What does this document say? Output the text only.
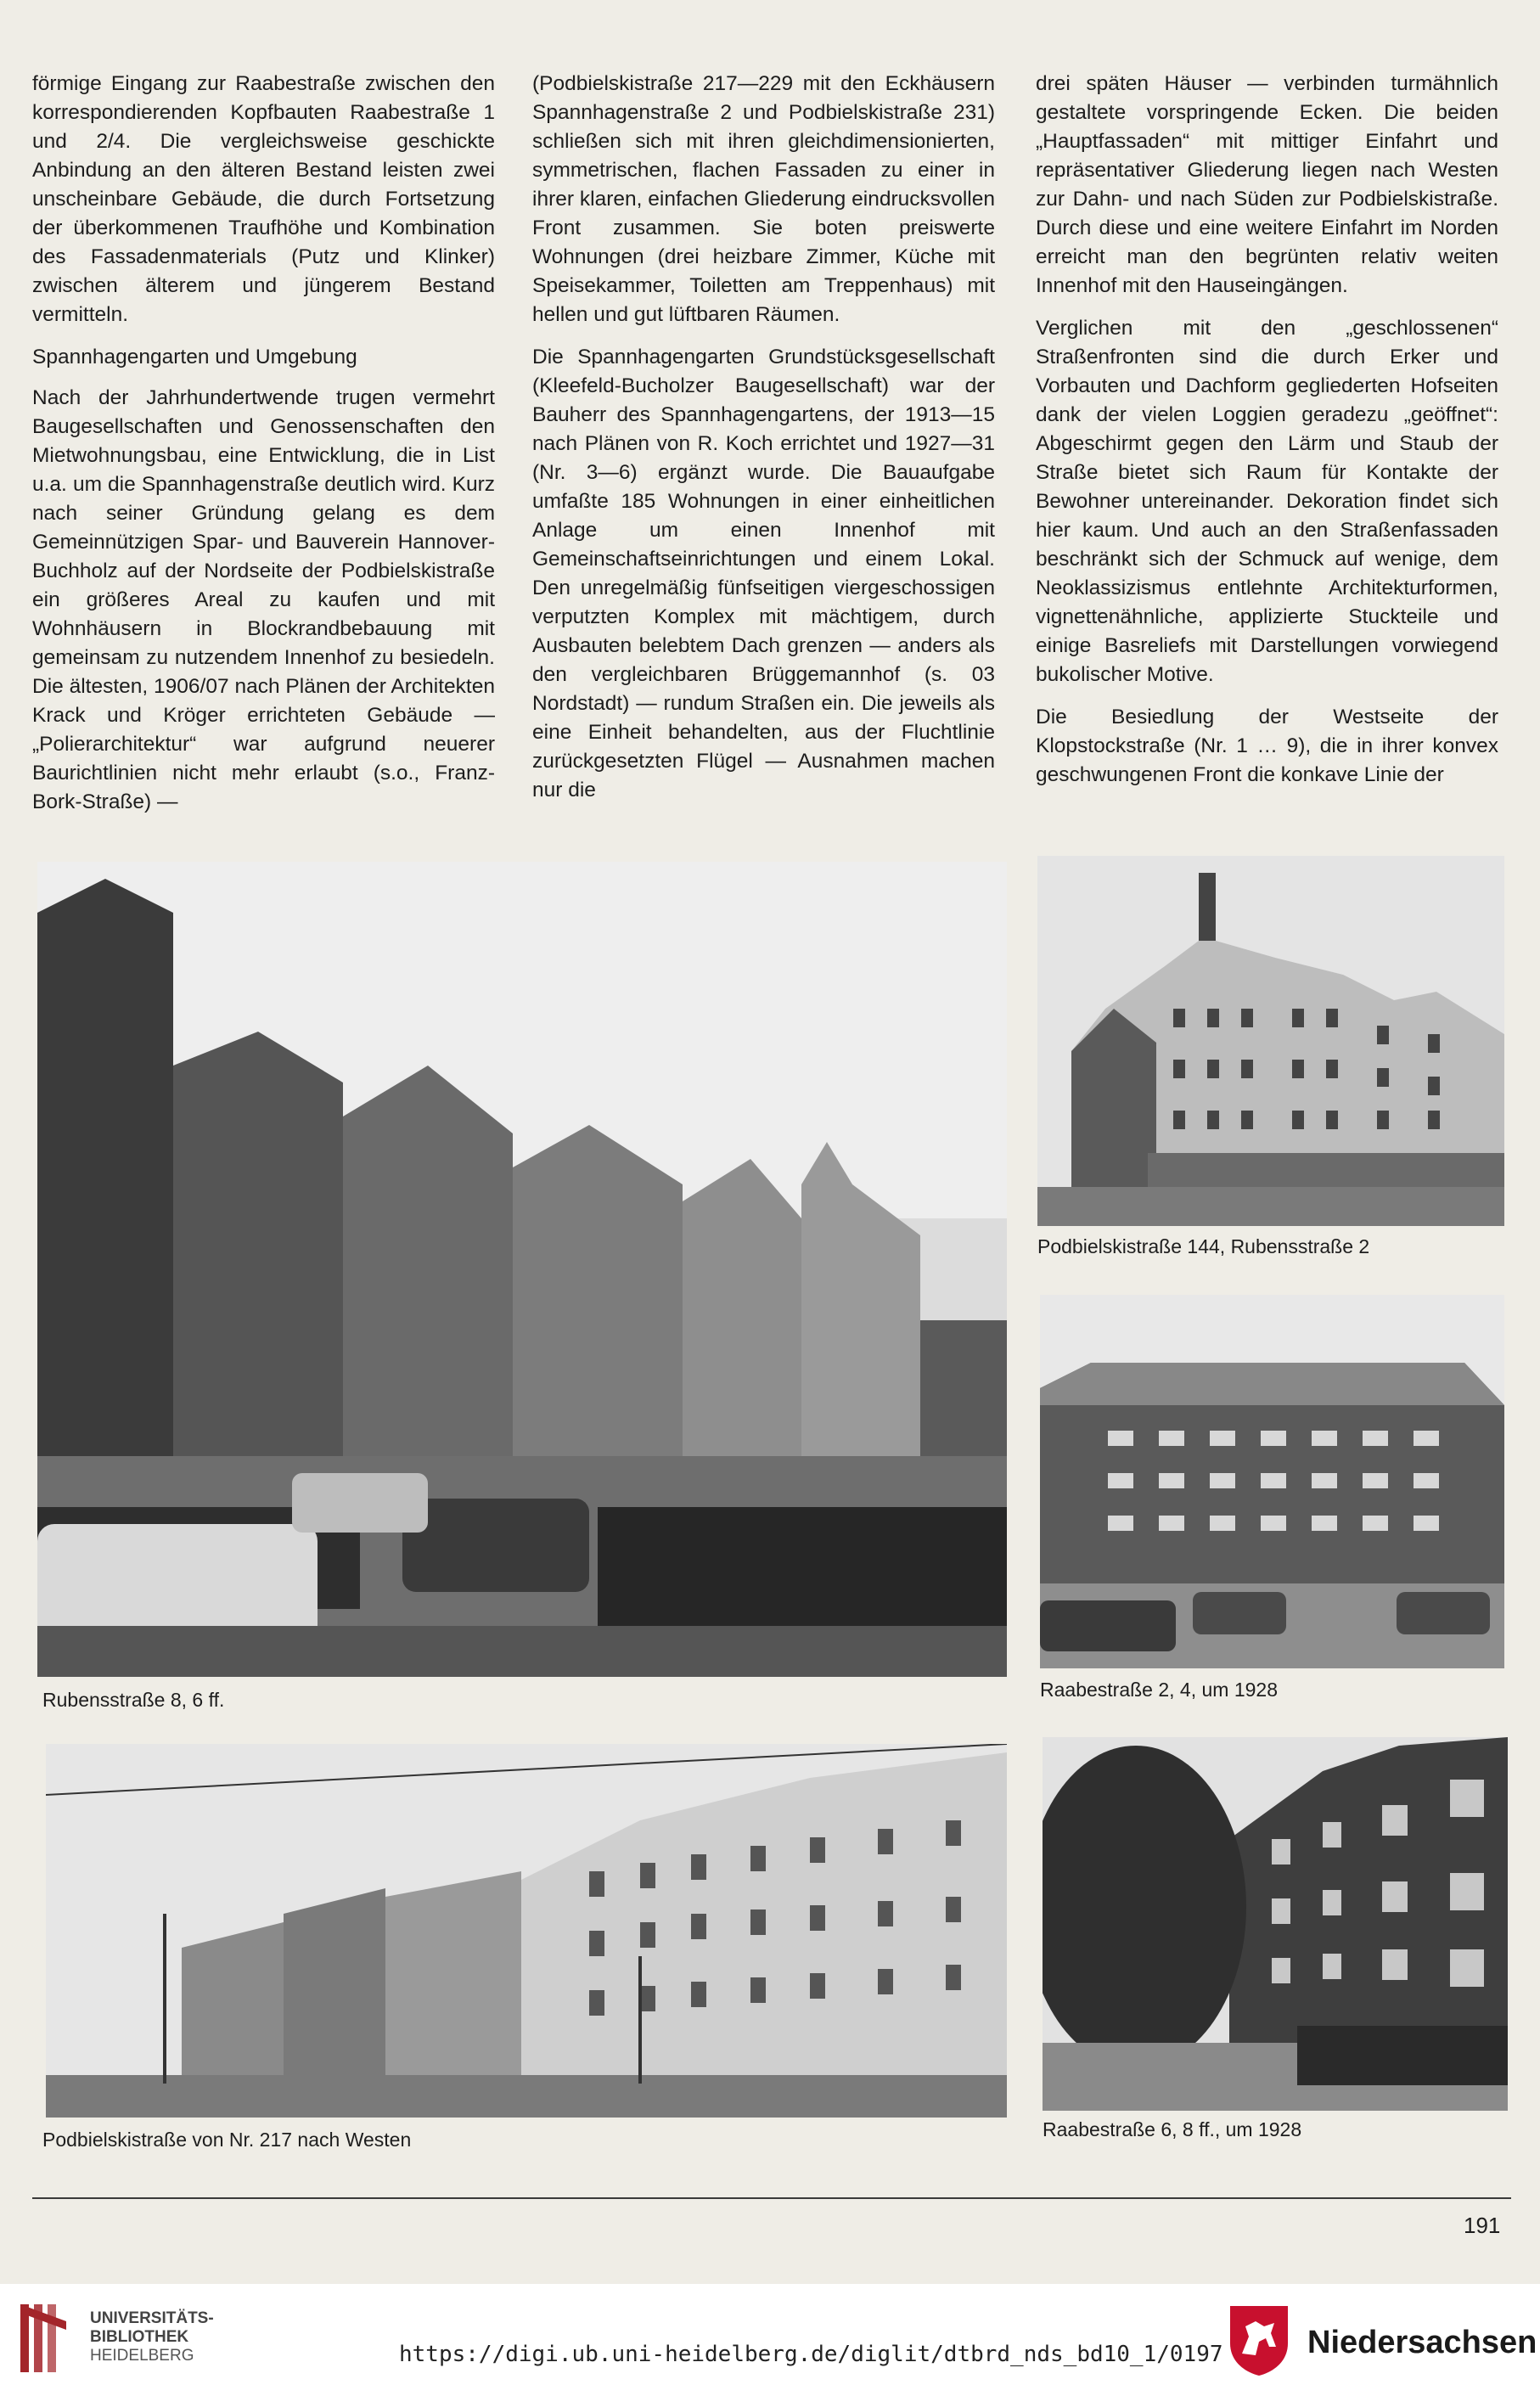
förmige Eingang zur Raabestraße zwischen den korrespondierenden Kopfbauten Raabestraße 1 und 2/4. Die vergleichsweise geschickte Anbindung an den älteren Bestand leisten zwei unscheinbare Gebäude, die durch Fortsetzung der überkommenen Traufhöhe und Kombination des Fassadenmaterials (Putz und Klinker) zwischen älterem und jüngerem Bestand vermitteln.

Spannhagengarten und Umgebung

Nach der Jahrhundertwende trugen vermehrt Baugesellschaften und Genossenschaften den Mietwohnungsbau, eine Entwicklung, die in List u.a. um die Spannhagenstraße deutlich wird. Kurz nach seiner Gründung gelang es dem Gemeinnützigen Spar- und Bauverein Hannover-Buchholz auf der Nordseite der Podbielskistraße ein größeres Areal zu kaufen und mit Wohnhäusern in Blockrandbebauung mit gemeinsam zu nutzendem Innenhof zu besiedeln. Die ältesten, 1906/07 nach Plänen der Architekten Krack und Kröger errichteten Gebäude — „Polierarchitektur“ war aufgrund neuerer Baurichtlinien nicht mehr erlaubt (s.o., Franz-Bork-Straße) —

(Podbielskistraße 217—229 mit den Eckhäusern Spannhagenstraße 2 und Podbielskistraße 231) schließen sich mit ihren gleichdimensionierten, symmetrischen, flachen Fassaden zu einer in ihrer klaren, einfachen Gliederung eindrucksvollen Front zusammen. Sie boten preiswerte Wohnungen (drei heizbare Zimmer, Küche mit Speisekammer, Toiletten am Treppenhaus) mit hellen und gut lüftbaren Räumen.

Die Spannhagengarten Grundstücksgesellschaft (Kleefeld-Bucholzer Baugesellschaft) war der Bauherr des Spannhagengartens, der 1913—15 nach Plänen von R. Koch errichtet und 1927—31 (Nr. 3—6) ergänzt wurde. Die Bauaufgabe umfaßte 185 Wohnungen in einer einheitlichen Anlage um einen Innenhof mit Gemeinschaftseinrichtungen und einem Lokal. Den unregelmäßig fünfseitigen viergeschossigen verputzten Komplex mit mächtigem, durch Ausbauten belebtem Dach grenzen — anders als den vergleichbaren Brüggemannhof (s. 03 Nordstadt) — rundum Straßen ein. Die jeweils als eine Einheit behandelten, aus der Fluchtlinie zurückgesetzten Flügel — Ausnahmen machen nur die

drei späten Häuser — verbinden turmähnlich gestaltete vorspringende Ecken. Die beiden „Hauptfassaden“ mit mittiger Einfahrt und repräsentativer Gliederung liegen nach Westen zur Dahn- und nach Süden zur Podbielskistraße. Durch diese und eine weitere Einfahrt im Norden erreicht man den begrünten relativ weiten Innenhof mit den Hauseingängen.

Verglichen mit den „geschlossenen“ Straßenfronten sind die durch Erker und Vorbauten und Dachform gegliederten Hofseiten dank der vielen Loggien geradezu „geöffnet“: Abgeschirmt gegen den Lärm und Staub der Straße bietet sich Raum für Kontakte der Bewohner untereinander. Dekoration findet sich hier kaum. Und auch an den Straßenfassaden beschränkt sich der Schmuck auf wenige, dem Neoklassizismus entlehnte Architekturformen, vignettenähnliche, applizierte Stuckteile und einige Basreliefs mit Darstellungen vorwiegend bukolischer Motive.

Die Besiedlung der Westseite der Klopstockstraße (Nr. 1 … 9), die in ihrer konvex geschwungenen Front die konkave Linie der

Rubensstraße 8, 6 ff.
Podbielskistraße 144, Rubensstraße 2
Raabestraße 2, 4, um 1928
Podbielskistraße von Nr. 217 nach Westen	Raabestraße 6, 8 ff., um 1928
191
UNIVERSITÄTS-
BIBLIOTHEK
HEIDELBERG	https://digi.ub.uni-heidelberg.de/diglit/dtbrd_nds_bd10_1/0197	Niedersachsen
